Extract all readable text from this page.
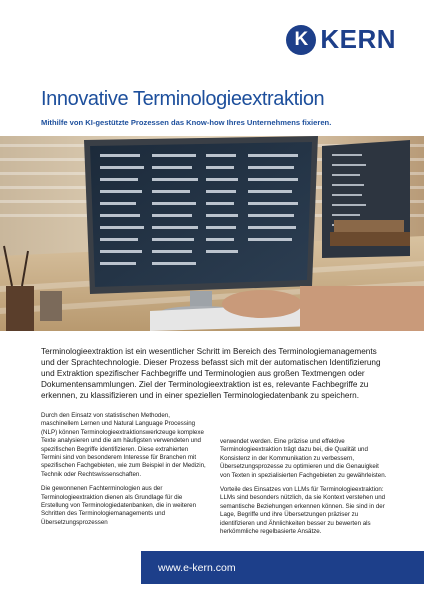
K KERN
Innovative Terminologieextraktion
Mithilfe von KI-gestützte Prozessen das Know-how Ihres Unternehmens fixieren.

Terminologieextraktion ist ein wesentlicher Schritt im Bereich des Terminologiemanagements und der Sprachtechnologie. Dieser Prozess befasst sich mit der automatischen Identifizierung und Extraktion spezifischer Fachbegriffe und Terminologien aus großen Textmengen oder Dokumentensammlungen. Ziel der Terminologieextraktion ist es, relevante Fachbegriffe zu erkennen, zu klassifizieren und in einer speziellen Terminologiedatenbank zu speichern.

Durch den Einsatz von statistischen Methoden, maschinellem Lernen und Natural Language Processing (NLP) können Terminologieextraktionswerkzeuge komplexe Texte analysieren und die am häufigsten verwendeten und spezifischen Begriffe identifizieren. Diese extrahierten Termini sind von besonderem Interesse für Branchen mit spezifischen Fachgebieten, wie zum Beispiel in der Medizin, Technik oder Rechtswissenschaften.

Die gewonnenen Fachterminologien aus der Terminologieextraktion dienen als Grundlage für die Erstellung von Terminologiedatenbanken, die in weiteren Schritten des Terminologiemanagements und Übersetzungsprozessen

verwendet werden. Eine präzise und effektive Terminologieextraktion trägt dazu bei, die Qualität und Konsistenz in der Kommunikation zu verbessern, Übersetzungsprozesse zu optimieren und die Genauigkeit von Texten in spezialisierten Fachgebieten zu gewährleisten.

Vorteile des Einsatzes von LLMs für Terminologieextraktion: LLMs sind besonders nützlich, da sie Kontext verstehen und semantische Beziehungen erkennen können. Sie sind in der Lage, Begriffe und ihre Übersetzungen präziser zu identifizieren und Ähnlichkeiten besser zu bewerten als herkömmliche regelbasierte Ansätze.

www.e-kern.com
